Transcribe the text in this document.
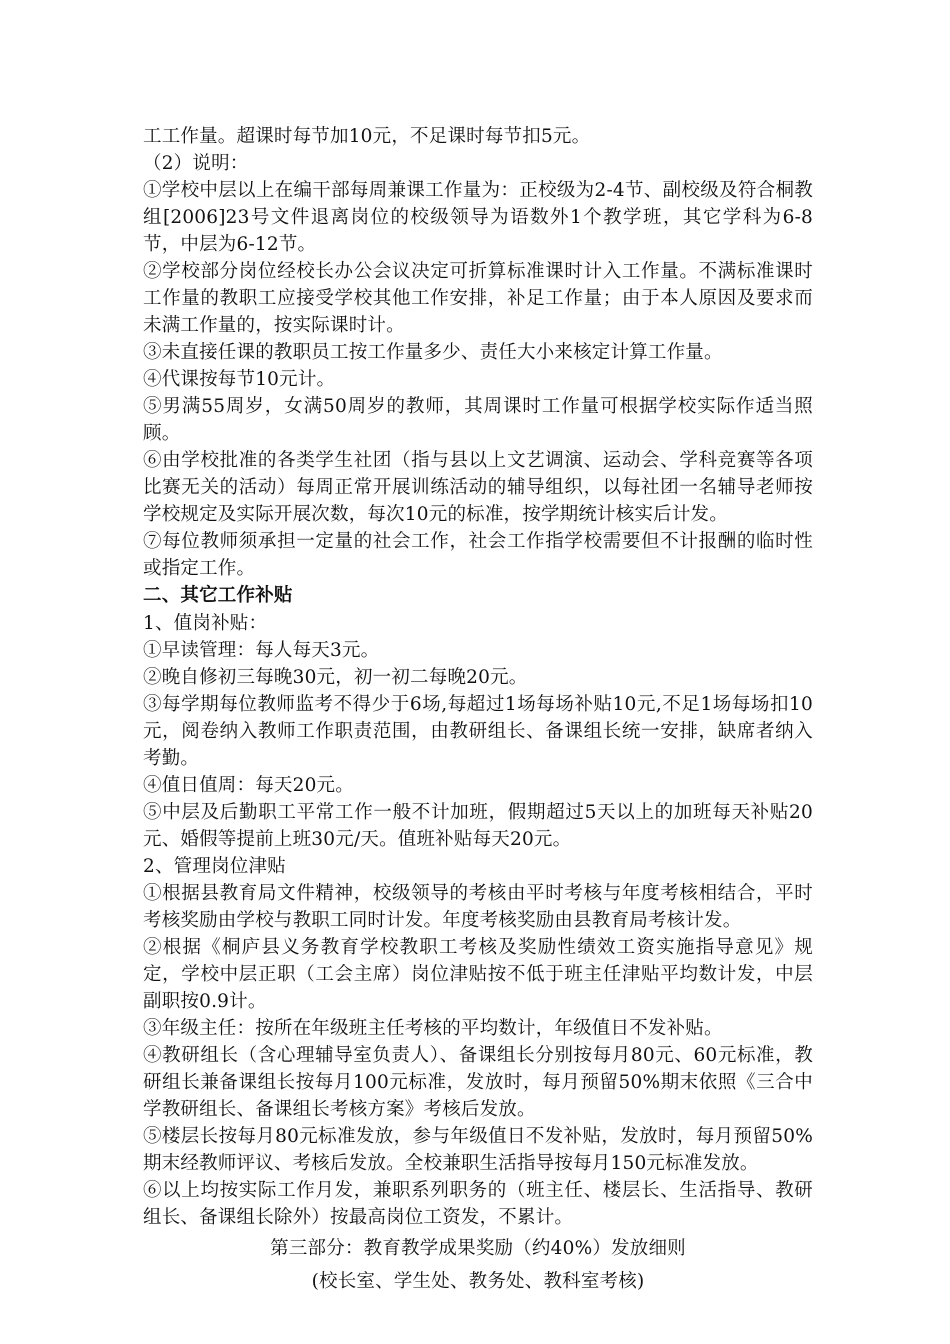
工工作量。超课时每节加10元，不足课时每节扣5元。

（2）说明：

①学校中层以上在编干部每周兼课工作量为：正校级为2-4节、副校级及符合桐教组[2006]23号文件退离岗位的校级领导为语数外1个教学班，其它学科为6-8节，中层为6-12节。

②学校部分岗位经校长办公会议决定可折算标准课时计入工作量。不满标准课时工作量的教职工应接受学校其他工作安排，补足工作量；由于本人原因及要求而未满工作量的，按实际课时计。

③未直接任课的教职员工按工作量多少、责任大小来核定计算工作量。

④代课按每节10元计。

⑤男满55周岁，女满50周岁的教师，其周课时工作量可根据学校实际作适当照顾。

⑥由学校批准的各类学生社团（指与县以上文艺调演、运动会、学科竞赛等各项比赛无关的活动）每周正常开展训练活动的辅导组织，以每社团一名辅导老师按学校规定及实际开展次数，每次10元的标准，按学期统计核实后计发。

⑦每位教师须承担一定量的社会工作，社会工作指学校需要但不计报酬的临时性或指定工作。

二、其它工作补贴

1、值岗补贴：

①早读管理：每人每天3元。

②晚自修初三每晚30元，初一初二每晚20元。

③每学期每位教师监考不得少于6场,每超过1场每场补贴10元,不足1场每场扣10元，阅卷纳入教师工作职责范围，由教研组长、备课组长统一安排，缺席者纳入考勤。

④值日值周：每天20元。

⑤中层及后勤职工平常工作一般不计加班，假期超过5天以上的加班每天补贴20元、婚假等提前上班30元/天。值班补贴每天20元。

2、管理岗位津贴

①根据县教育局文件精神，校级领导的考核由平时考核与年度考核相结合，平时考核奖励由学校与教职工同时计发。年度考核奖励由县教育局考核计发。

②根据《桐庐县义务教育学校教职工考核及奖励性绩效工资实施指导意见》规定，学校中层正职（工会主席）岗位津贴按不低于班主任津贴平均数计发，中层副职按0.9计。

③年级主任：按所在年级班主任考核的平均数计，年级值日不发补贴。

④教研组长（含心理辅导室负责人）、备课组长分别按每月80元、60元标准，教研组长兼备课组长按每月100元标准，发放时，每月预留50%期末依照《三合中学教研组长、备课组长考核方案》考核后发放。

⑤楼层长按每月80元标准发放，参与年级值日不发补贴，发放时，每月预留50%期末经教师评议、考核后发放。全校兼职生活指导按每月150元标准发放。

⑥以上均按实际工作月发，兼职系列职务的（班主任、楼层长、生活指导、教研组长、备课组长除外）按最高岗位工资发，不累计。

第三部分：教育教学成果奖励（约40%）发放细则

(校长室、学生处、教务处、教科室考核)
